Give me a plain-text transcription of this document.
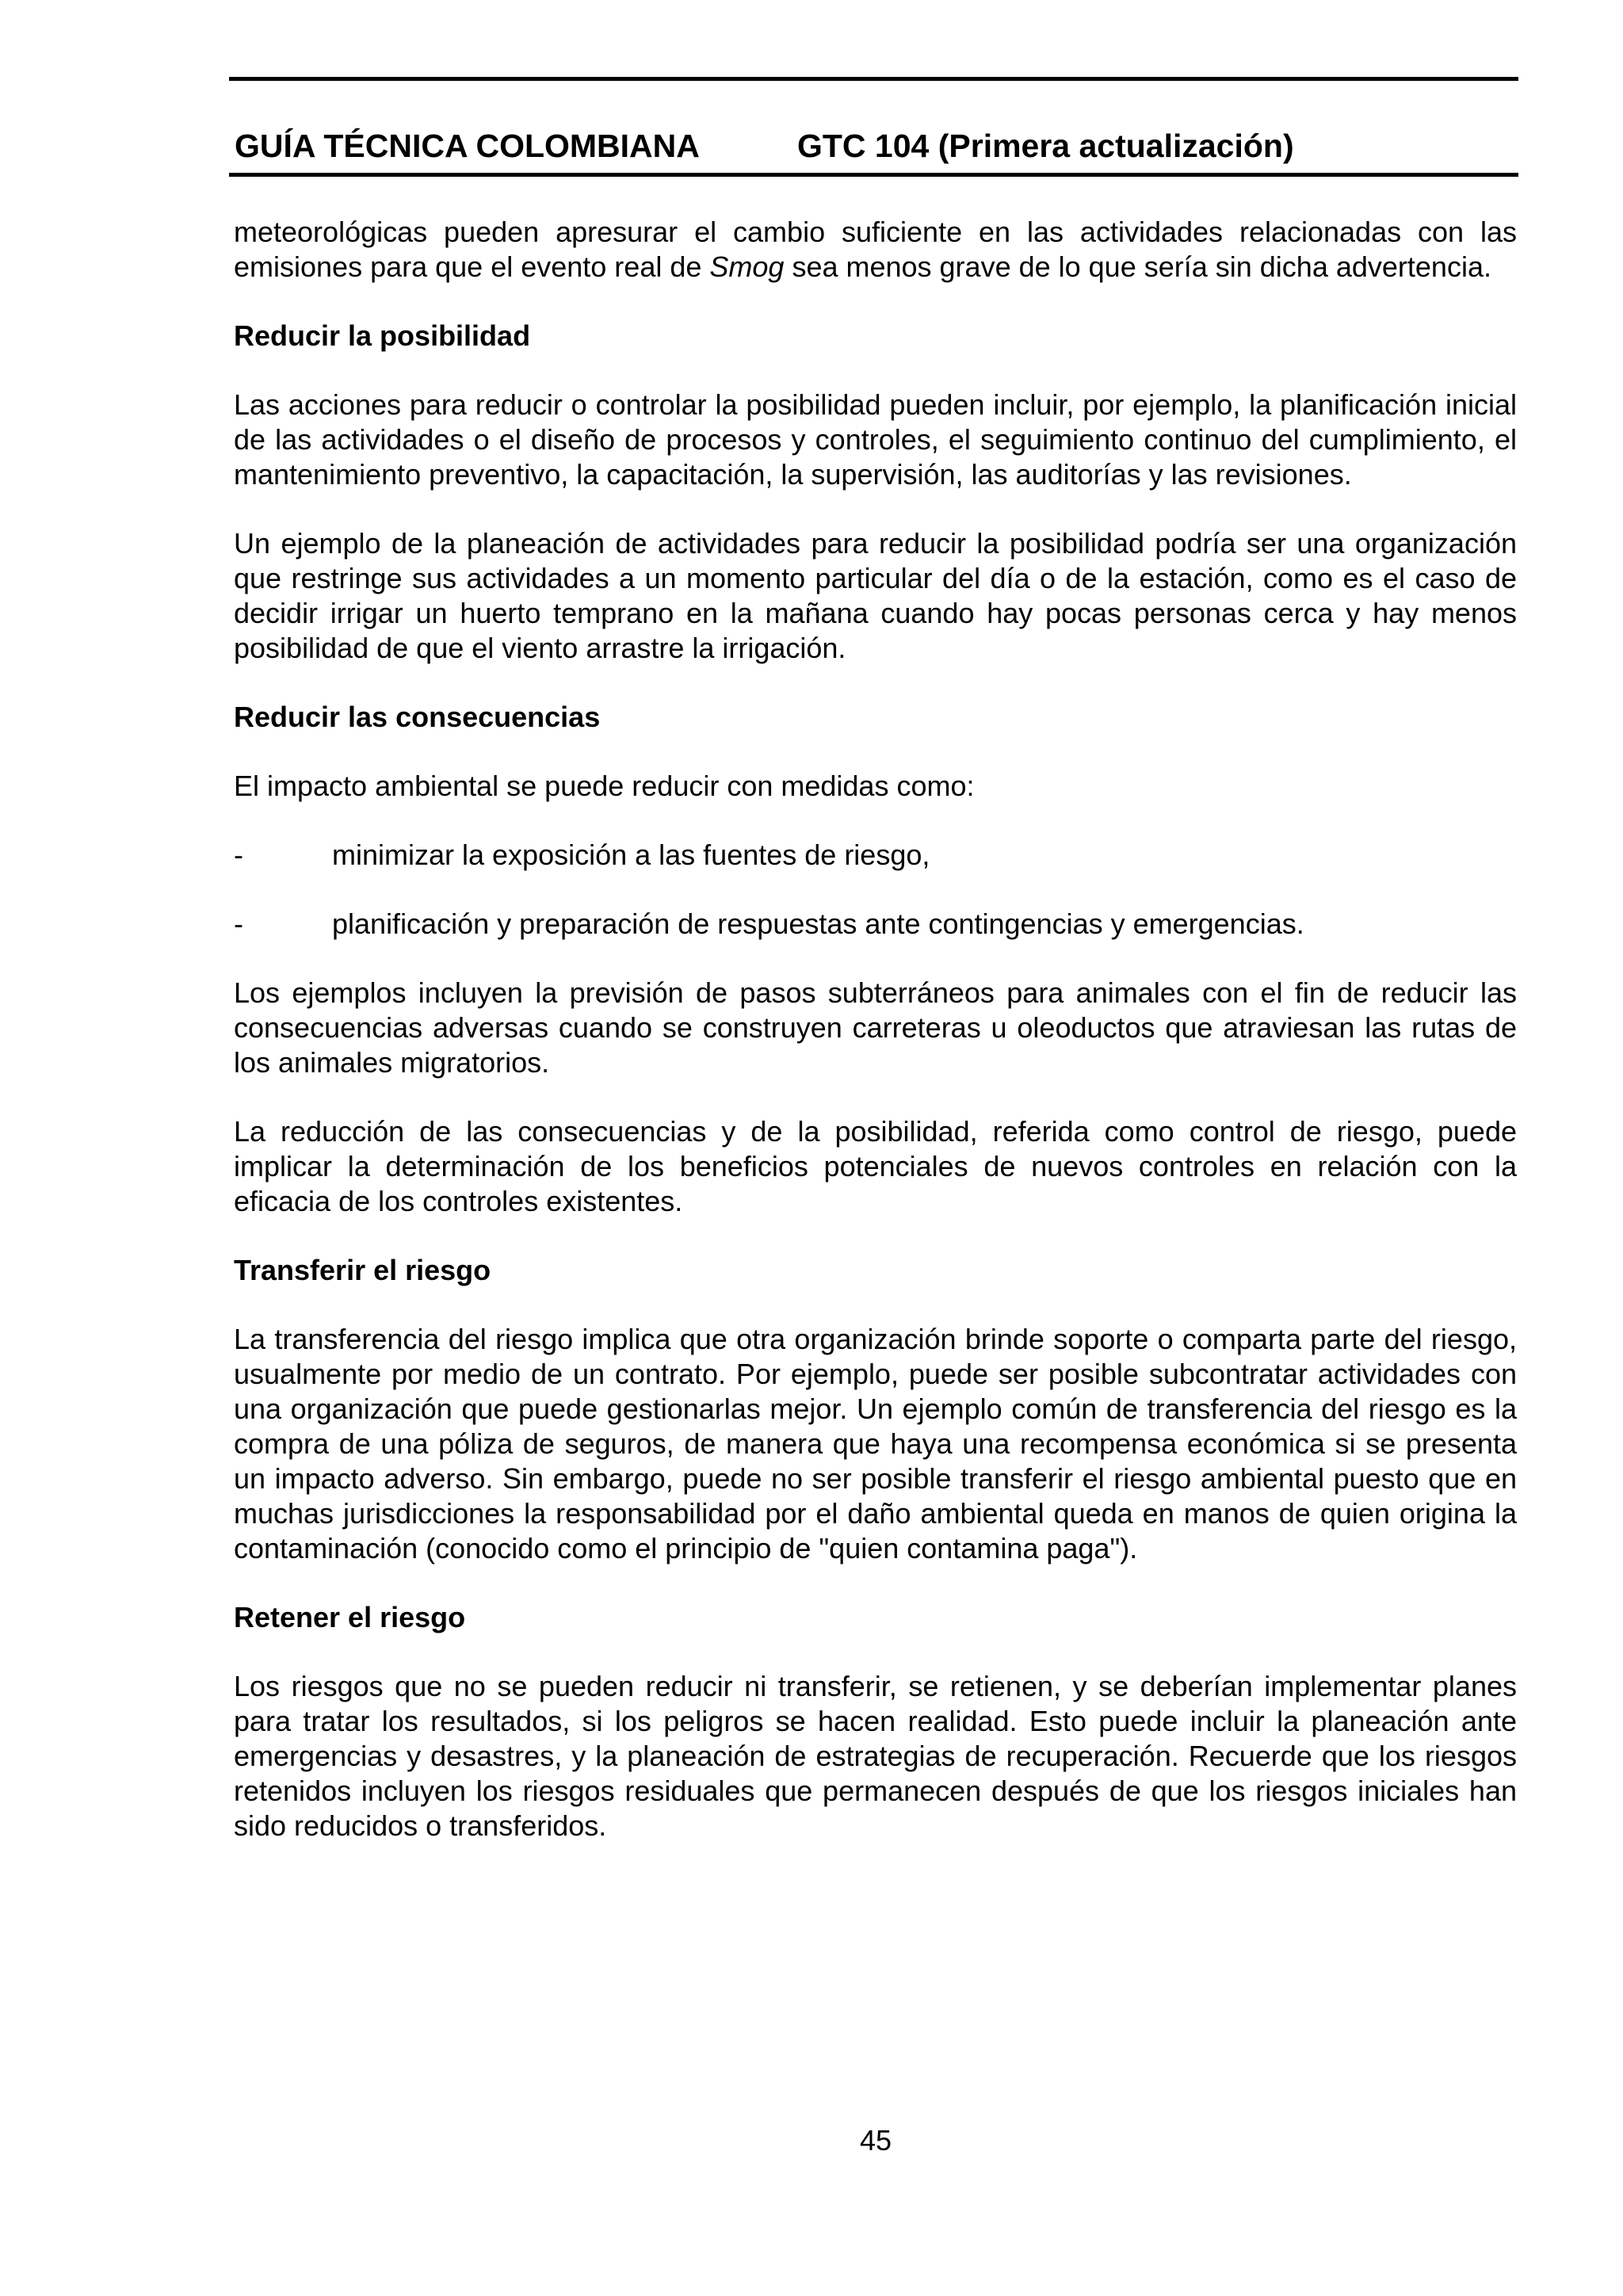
GUÍA TÉCNICA COLOMBIANA	GTC 104 (Primera actualización)

meteorológicas pueden apresurar el cambio suficiente en las actividades relacionadas con las emisiones para que el evento real de Smog sea menos grave de lo que sería sin dicha advertencia.

Reducir la posibilidad

Las acciones para reducir o controlar la posibilidad pueden incluir, por ejemplo, la planificación inicial de las actividades o el diseño de procesos y controles, el seguimiento continuo del cumplimiento, el mantenimiento preventivo, la capacitación, la supervisión, las auditorías y las revisiones.

Un ejemplo de la planeación de actividades para reducir la posibilidad podría ser una organización que restringe sus actividades a un momento particular del día o de la estación, como es el caso de decidir irrigar un huerto temprano en la mañana cuando hay pocas personas cerca y hay menos posibilidad de que el viento arrastre la irrigación.

Reducir las consecuencias

El impacto ambiental se puede reducir con medidas como:

-	minimizar la exposición a las fuentes de riesgo,
-	planificación y preparación de respuestas ante contingencias y emergencias.

Los ejemplos incluyen la previsión de pasos subterráneos para animales con el fin de reducir las consecuencias adversas cuando se construyen carreteras u oleoductos que atraviesan las rutas de los animales migratorios.

La reducción de las consecuencias y de la posibilidad, referida como control de riesgo, puede implicar la determinación de los beneficios potenciales de nuevos controles en relación con la eficacia de los controles existentes.

Transferir el riesgo

La transferencia del riesgo implica que otra organización brinde soporte o comparta parte del riesgo, usualmente por medio de un contrato. Por ejemplo, puede ser posible subcontratar actividades con una organización que puede gestionarlas mejor. Un ejemplo común de transferencia del riesgo es la compra de una póliza de seguros, de manera que haya una recompensa económica si se presenta un impacto adverso. Sin embargo, puede no ser posible transferir el riesgo ambiental puesto que en muchas jurisdicciones la responsabilidad por el daño ambiental queda en manos de quien origina la contaminación (conocido como el principio de "quien contamina paga").

Retener el riesgo

Los riesgos que no se pueden reducir ni transferir, se retienen, y se deberían implementar planes para tratar los resultados, si los peligros se hacen realidad. Esto puede incluir la planeación ante emergencias y desastres, y la planeación de estrategias de recuperación. Recuerde que los riesgos retenidos incluyen los riesgos residuales que permanecen después de que los riesgos iniciales han sido reducidos o transferidos.

45
